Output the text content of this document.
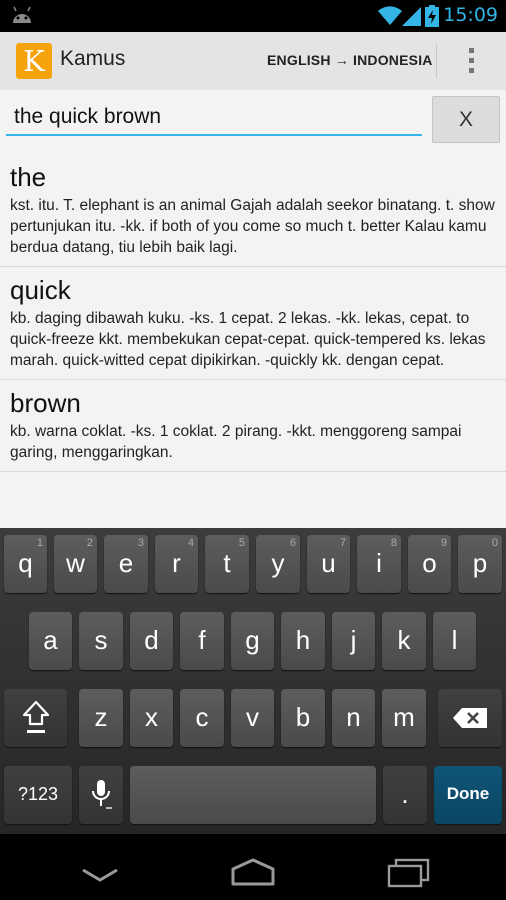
15:09
K Kamus	ENGLISH → INDONESIA
the quick brown
X
the
kst. itu. T. elephant is an animal Gajah adalah seekor binatang. t. show pertunjukan itu. -kk. if both of you come so much t. better Kalau kamu berdua datang, tiu lebih baik lagi.
quick
kb. daging dibawah kuku. -ks. 1 cepat. 2 lekas. -kk. lekas, cepat. to quick-freeze kkt. membekukan cepat-cepat. quick-tempered ks. lekas marah. quick-witted cepat dipikirkan. -quickly kk. dengan cepat.
brown
kb. warna coklat. -ks. 1 coklat. 2 pirang. -kkt. menggoreng sampai garing, menggaringkan.
q
1
w
2
e
3
r
4
t
5
y
6
u
7
i
8
o
9
p
0
a	s	d	f	g	h	j	k	l
z	x	c	v	b	n	m
?123	.	Done
